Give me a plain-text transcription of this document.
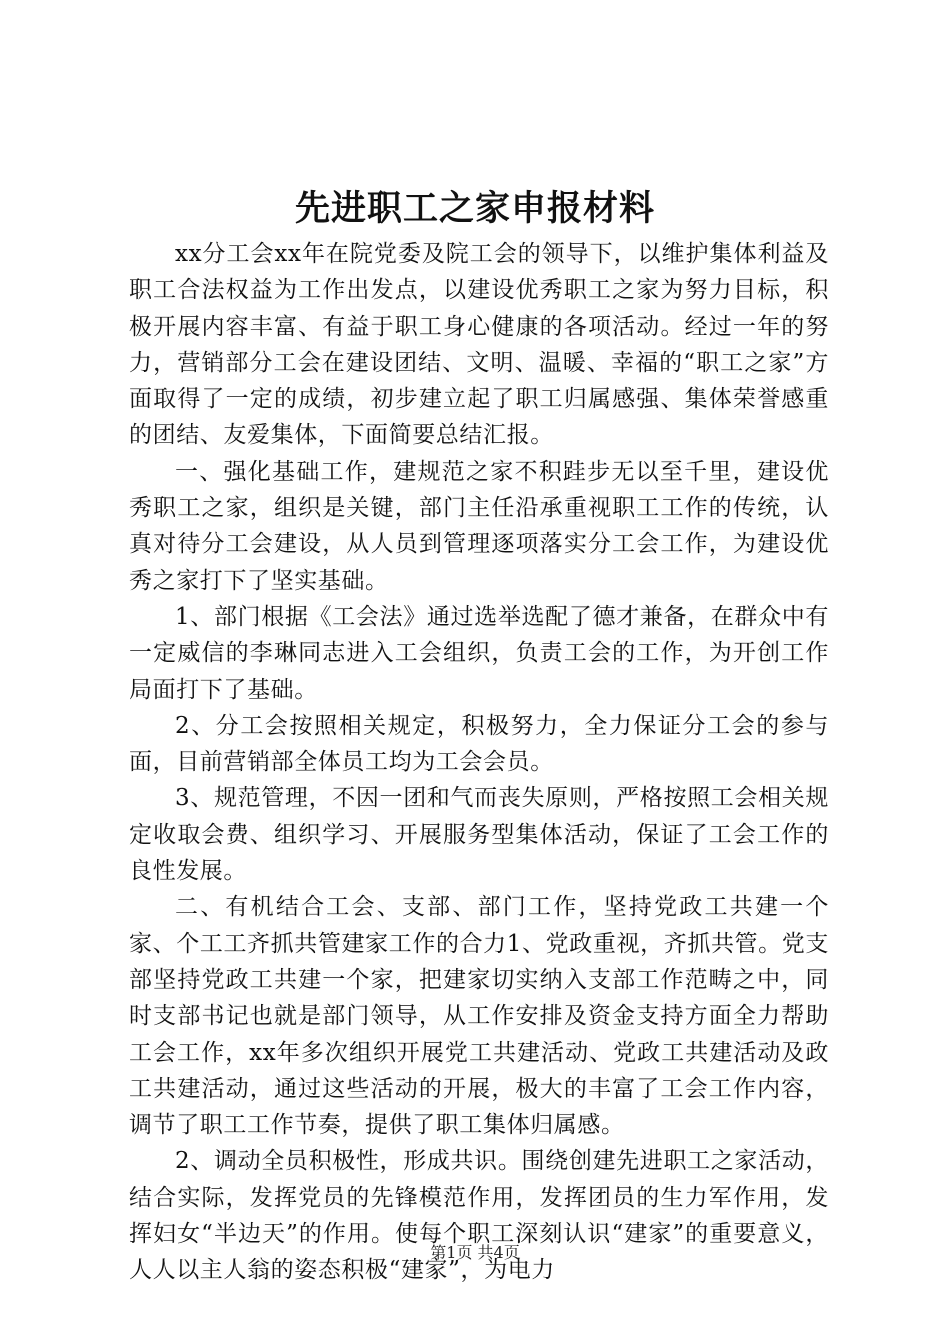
先进职工之家申报材料

xx分工会xx年在院党委及院工会的领导下，以维护集体利益及职工合法权益为工作出发点，以建设优秀职工之家为努力目标，积极开展内容丰富、有益于职工身心健康的各项活动。经过一年的努力，营销部分工会在建设团结、文明、温暖、幸福的“职工之家”方面取得了一定的成绩，初步建立起了职工归属感强、集体荣誉感重的团结、友爱集体，下面简要总结汇报。

一、强化基础工作，建规范之家不积跬步无以至千里，建设优秀职工之家，组织是关键，部门主任沿承重视职工工作的传统，认真对待分工会建设，从人员到管理逐项落实分工会工作，为建设优秀之家打下了坚实基础。

1、部门根据《工会法》通过选举选配了德才兼备，在群众中有一定威信的李琳同志进入工会组织，负责工会的工作，为开创工作局面打下了基础。

2、分工会按照相关规定，积极努力，全力保证分工会的参与面，目前营销部全体员工均为工会会员。

3、规范管理，不因一团和气而丧失原则，严格按照工会相关规定收取会费、组织学习、开展服务型集体活动，保证了工会工作的良性发展。

二、有机结合工会、支部、部门工作，坚持党政工共建一个家、个工工齐抓共管建家工作的合力1、党政重视，齐抓共管。党支部坚持党政工共建一个家，把建家切实纳入支部工作范畴之中，同时支部书记也就是部门领导，从工作安排及资金支持方面全力帮助工会工作，xx年多次组织开展党工共建活动、党政工共建活动及政工共建活动，通过这些活动的开展，极大的丰富了工会工作内容，调节了职工工作节奏，提供了职工集体归属感。

2、调动全员积极性，形成共识。围绕创建先进职工之家活动，结合实际，发挥党员的先锋模范作用，发挥团员的生力军作用，发挥妇女“半边天”的作用。使每个职工深刻认识“建家”的重要意义，人人以主人翁的姿态积极“建家”，为电力

第1页 共4页
